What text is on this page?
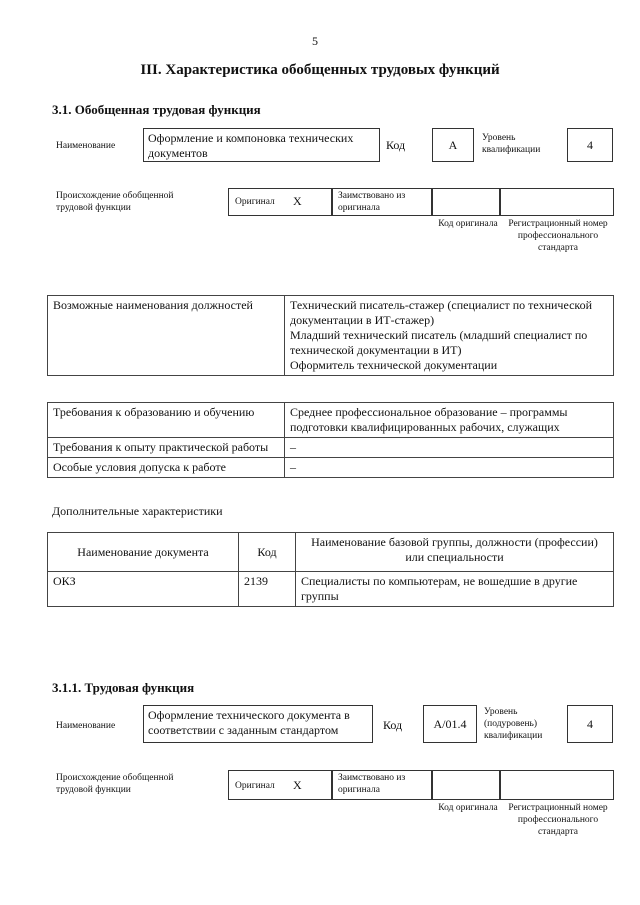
5
III. Характеристика обобщенных трудовых функций
3.1. Обобщенная трудовая функция
Наименование
Оформление и компоновка технических документов
Код	A	Уровень квалификации	4
Происхождение обобщенной трудовой функции
Оригинал X	Заимствовано из оригинала
Код оригинала	Регистрационный номер профессионального стандарта
Возможные наименования должностей	Технический писатель-стажер (специалист по технической документации в ИТ-стажер)
Младший технический писатель (младший специалист по технической документации в ИТ)
Оформитель технической документации
Требования к образованию и обучению	Среднее профессиональное образование – программы подготовки квалифицированных рабочих, служащих
Требования к опыту практической работы	–
Особые условия допуска к работе	–
Дополнительные характеристики
Наименование документа	Код	Наименование базовой группы, должности (профессии) или специальности
ОКЗ	2139	Специалисты по компьютерам, не вошедшие в другие группы
3.1.1. Трудовая функция
Наименование
Оформление технического документа в соответствии с заданным стандартом	Код	A/01.4
Уровень (подуровень) квалификации
4
Происхождение обобщенной трудовой функции	Оригинал X	Заимствовано из оригинала
Код оригинала	Регистрационный номер профессионального стандарта
